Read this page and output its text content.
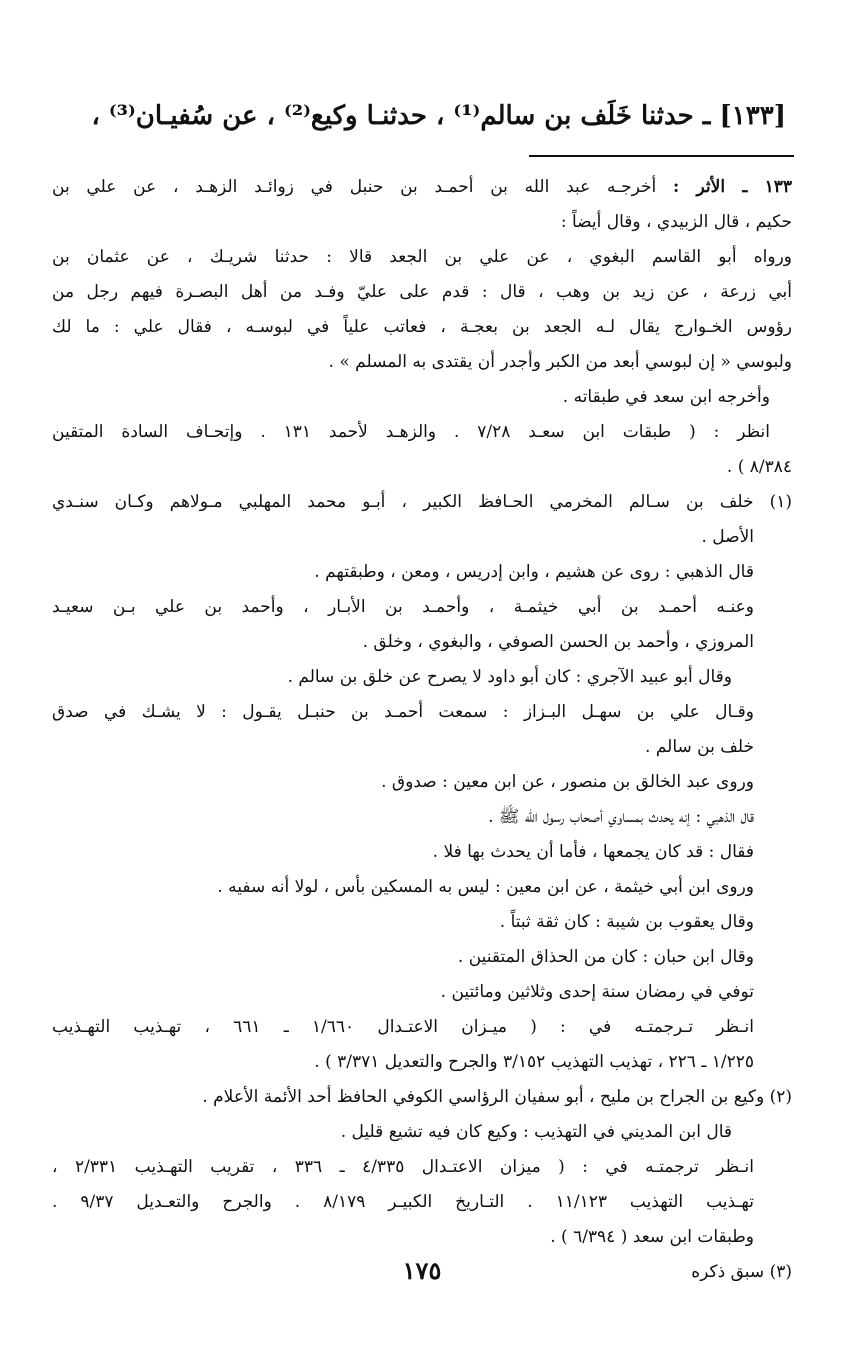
[١٣٣] ـ حدثنا خَلَف بن سالم⁽¹⁾ ، حدثنـا وكيع⁽²⁾ ، عن سُفيـان⁽³⁾ ،
١٣٣ ـ الأثر : أخرجـه عبد الله بن أحمـد بن حنبل في زوائـد الزهـد ، عن علي بن
حكيم ، قال الزبيدي ، وقال أيضاً :
ورواه أبو القاسم البغوي ، عن علي بن الجعد قالا : حدثنا شريـك ، عن عثمان بن
أبي زرعة ، عن زيد بن وهب ، قال : قدم على عليّ وفـد من أهل البصـرة فيهم رجل من
رؤوس الخـوارج يقال لـه الجعد بن بعجـة ، فعاتب علياً في لبوسـه ، فقال علي : ما لك
ولبوسي « إن لبوسي أبعد من الكبر وأجدر أن يقتدى به المسلم » .
وأخرجه ابن سعد في طبقاته .
انظر : ( طبقات ابن سعـد ٧/٢٨ . والزهـد لأحمد ١٣١ . وإتحـاف السادة المتقين
٨/٣٨٤ ) .
(١) خلف بن سـالم المخرمي الحـافظ الكبير ، أبـو محمد المهلبي مـولاهم وكـان سنـدي
الأصل .
قال الذهبي : روى عن هشيم ، وابن إدريس ، ومعن ، وطبقتهم .
وعنـه أحمـد بن أبي خيثمـة ، وأحمـد بن الأبـار ، وأحمد بن علي بـن سعيـد
المروزي ، وأحمد بن الحسن الصوفي ، والبغوي ، وخلق .
وقال أبو عبيد الآجري : كان أبو داود لا يصرح عن خلق بن سالم .
وقـال علي بن سهـل البـزاز : سمعت أحمـد بن حنبـل يقـول : لا يشـك في صدق
خلف بن سالم .
وروى عبد الخالق بن منصور ، عن ابن معين : صدوق .
قال الذهبي : إنه يحدث بمساوي أصحاب رسول الله ﷺ .
فقال : قد كان يجمعها ، فأما أن يحدث بها فلا .
وروى ابن أبي خيثمة ، عن ابن معين : ليس به المسكين بأس ، لولا أنه سفيه .
وقال يعقوب بن شيبة : كان ثقة ثبتاً .
وقال ابن حبان : كان من الحذاق المتقنين .
توفي في رمضان سنة إحدى وثلاثين ومائتين .
انـظر تـرجمتـه في : ( ميـزان الاعتـدال ١/٦٦٠ ـ ٦٦١ ، تهـذيب التهـذيب
١/٢٢٥ ـ ٢٢٦ ، تهذيب التهذيب ٣/١٥٢ والجرح والتعديل ٣/٣٧١ ) .
(٢) وكيع بن الجراح بن مليح ، أبو سفيان الرؤاسي الكوفي الحافظ أحد الأئمة الأعلام .
قال ابن المديني في التهذيب : وكيع كان فيه تشيع قليل .
انـظر ترجمتـه في : ( ميزان الاعتـدال ٤/٣٣٥ ـ ٣٣٦ ، تقريب التهـذيب ٢/٣٣١ ،
تهـذيب التهذيب ١١/١٢٣ . التـاريخ الكبيـر ٨/١٧٩ . والجرح والتعـديل ٩/٣٧ .
وطبقات ابن سعد ( ٦/٣٩٤ ) .
(٣) سبق ذكره
١٧٥
